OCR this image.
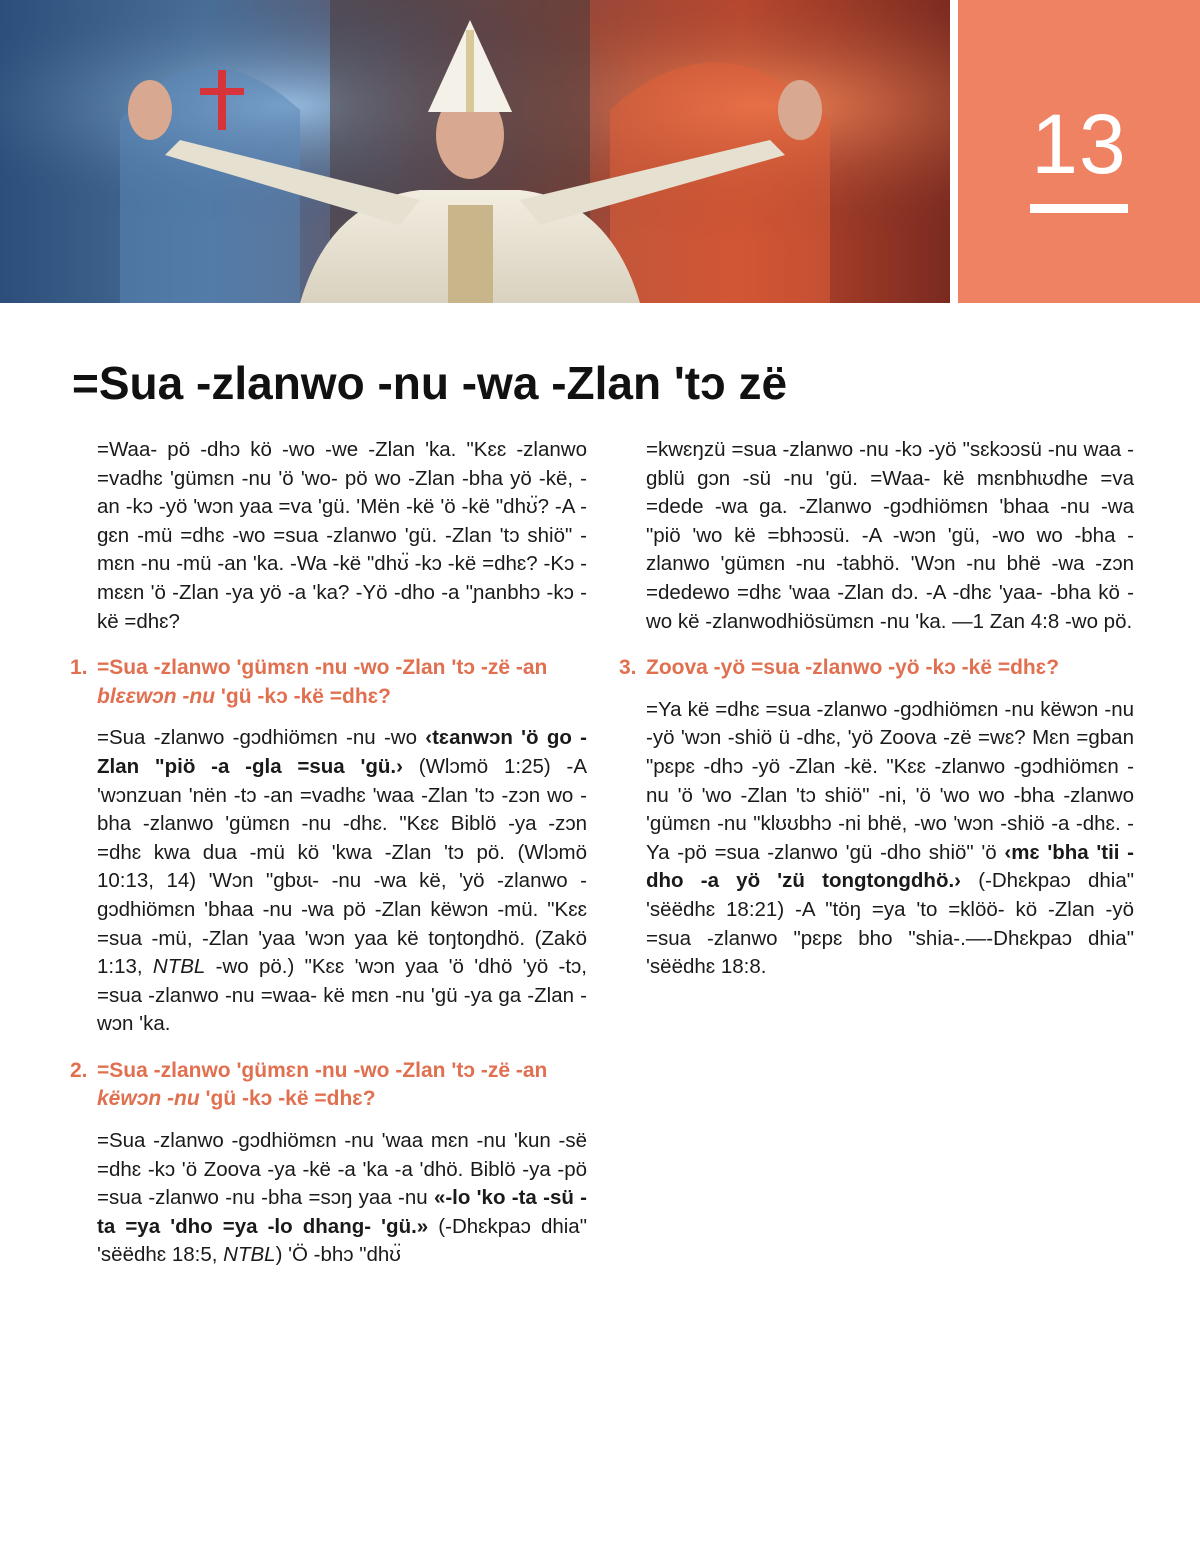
13
=Sua -zlanwo -nu -wa -Zlan 'tɔ zë

=Waa- pö -dhɔ kö -wo -we -Zlan 'ka. "Kɛɛ -zlanwo =vadhɛ 'gümɛn -nu 'ö 'wo- pö wo -Zlan -bha yö -kë, -an -kɔ -yö 'wɔn yaa =va 'gü. 'Mën -kë 'ö -kë "dhʊ̈? -A -gɛn -mü =dhɛ -wo =sua -zlanwo 'gü. -Zlan 'tɔ shiö" -mɛn -nu -mü -an 'ka. -Wa -kë "dhʊ̈ -kɔ -kë =dhɛ? -Kɔ -mɛɛn 'ö -Zlan -ya yö -a 'ka? -Yö -dho -a "ɲanbhɔ -kɔ -kë =dhɛ?

1. =Sua -zlanwo 'gümɛn -nu -wo -Zlan 'tɔ -zë -an blɛɛwɔn -nu 'gü -kɔ -kë =dhɛ?

=Sua -zlanwo -gɔdhiömɛn -nu -wo ‹tɛanwɔn 'ö go -Zlan "piö -a -gla =sua 'gü.› (Wlɔmö 1:25) -A 'wɔnzuan 'nën -tɔ -an =vadhɛ 'waa -Zlan 'tɔ -zɔn wo -bha -zlanwo 'gümɛn -nu -dhɛ. "Kɛɛ Biblö -ya -zɔn =dhɛ kwa dua -mü kö 'kwa -Zlan 'tɔ pö. (Wlɔmö 10:13, 14) 'Wɔn "gbʊɩ- -nu -wa kë, 'yö -zlanwo -gɔdhiömɛn 'bhaa -nu -wa pö -Zlan këwɔn -mü. "Kɛɛ =sua -mü, -Zlan 'yaa 'wɔn yaa kë toŋtoŋdhö. (Zakö 1:13, NTBL -wo pö.) "Kɛɛ 'wɔn yaa 'ö 'dhö 'yö -tɔ, =sua -zlanwo -nu =waa- kë mɛn -nu 'gü -ya ga -Zlan -wɔn 'ka.

2. =Sua -zlanwo 'gümɛn -nu -wo -Zlan 'tɔ -zë -an këwɔn -nu 'gü -kɔ -kë =dhɛ?

=Sua -zlanwo -gɔdhiömɛn -nu 'waa mɛn -nu 'kun -së =dhɛ -kɔ 'ö Zoova -ya -kë -a 'ka -a 'dhö. Biblö -ya -pö =sua -zlanwo -nu -bha =sɔŋ yaa -nu «-lo 'ko -ta -sü -ta =ya 'dho =ya -lo dhang- 'gü.» (-Dhɛkpaɔ dhia" 'sëëdhɛ 18:5, NTBL) 'Ö -bhɔ "dhʊ̈

=kwɛŋzü =sua -zlanwo -nu -kɔ -yö "sɛkɔɔsü -nu waa -gblü gɔn -sü -nu 'gü. =Waa- kë mɛnbhɩʊdhe =va =dede -wa ga. -Zlanwo -gɔdhiömɛn 'bhaa -nu -wa "piö 'wo kë =bhɔɔsü. -A -wɔn 'gü, -wo wo -bha -zlanwo 'gümɛn -nu -tabhö. 'Wɔn -nu bhë -wa -zɔn =dedewo =dhɛ 'waa -Zlan dɔ. -A -dhɛ 'yaa- -bha kö -wo kë -zlanwodhiösümɛn -nu 'ka. —1 Zan 4:8 -wo pö.

3. Zoova -yö =sua -zlanwo -yö -kɔ -kë =dhɛ?

=Ya kë =dhɛ =sua -zlanwo -gɔdhiömɛn -nu këwɔn -nu -yö 'wɔn -shiö ü -dhɛ, 'yö Zoova -zë =wɛ? Mɛn =gban "pɛpɛ -dhɔ -yö -Zlan -kë. "Kɛɛ -zlanwo -gɔdhiömɛn -nu 'ö 'wo -Zlan 'tɔ shiö" -ni, 'ö 'wo wo -bha -zlanwo 'gümɛn -nu "klʊʊbhɔ -ni bhë, -wo 'wɔn -shiö -a -dhɛ. -Ya -pö =sua -zlanwo 'gü -dho shiö" 'ö ‹mɛ 'bha 'tii -dho -a yö 'zü tongtongdhö.› (-Dhɛkpaɔ dhia" 'sëëdhɛ 18:21) -A "töŋ =ya 'to =klöö- kö -Zlan -yö =sua -zlanwo "pɛpɛ bho "shia-.—-Dhɛkpaɔ dhia" 'sëëdhɛ 18:8.
